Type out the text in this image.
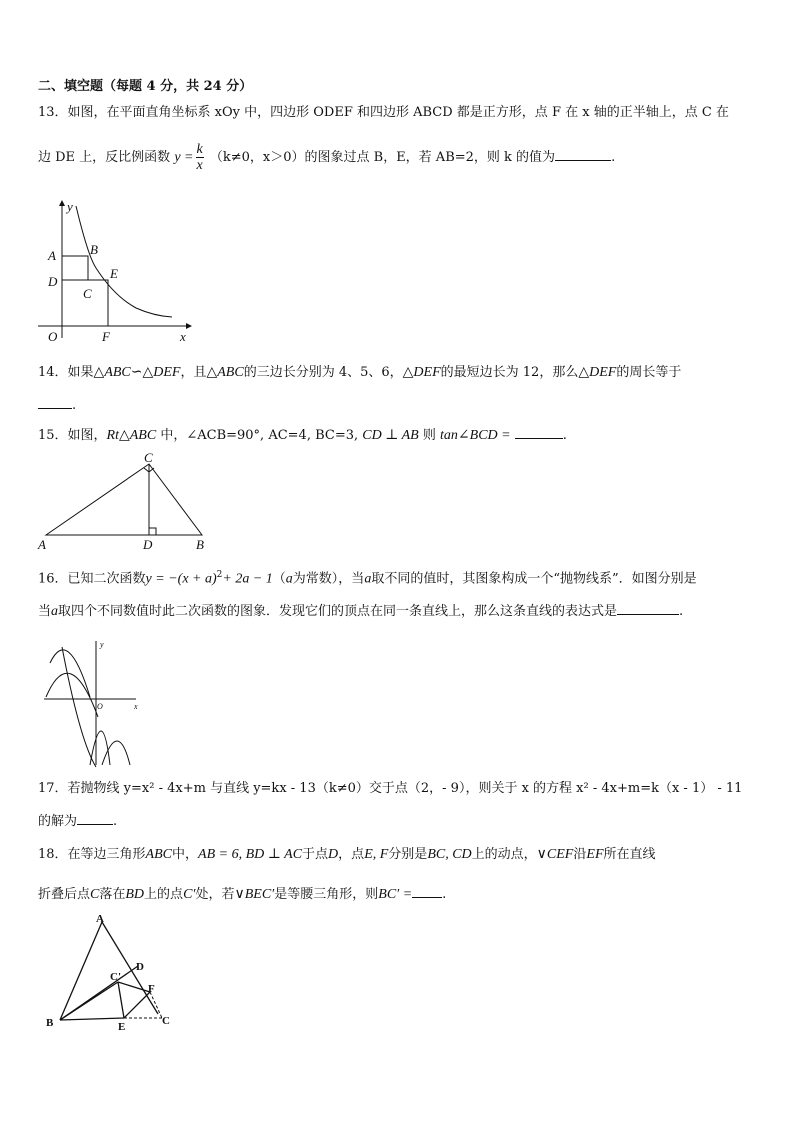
二、填空题（每题 4 分，共 24 分）
13．如图，在平面直角坐标系 xOy 中，四边形 ODEF 和四边形 ABCD 都是正方形，点 F 在 x 轴的正半轴上，点 C 在
边 DE 上，反比例函数 $y = \frac{k}{x} (k\ne 0$，x＞0）的图象过点 B，E，若 AB=2，则 k 的值为	.
y
A	B
D
E
C
O	F	x
14．如果△ABC∽△DEF，且△ABC的三边长分别为 4、5、6，△DEF的最短边长为 12，那么△DEF的周长等于
.
15．如图，Rt△ABC 中，∠ACB=90°, AC=4, BC=3, CD ⊥ AB 则 tan∠BCD =	.
C
A	D	B
16．已知二次函数$y = -(x + a)^2+ 2a - 1(a$为常数），当a取不同的值时，其图象构成一个“抛物线系”．如图分别是
当a取四个不同数值时此二次函数的图象．发现它们的顶点在同一条直线上，那么这条直线的表达式是	.
y
O	x
17．若抛物线 y=x² - 4x+m 与直线 y=kx - 13（k≠0）交于点（2，- 9），则关于 x 的方程 x² - 4x+m=k（x - 1） - 11
的解为	.
18．在等边三角形ABC中，AB = 6, BD ⊥ AC于点D，点E, F分别是BC, CD上的动点，∨CEF沿EF所在直线
折叠后点C落在BD上的点C′处，若∨BEC′是等腰三角形，则BC′ = .
A
D
C'
F
B	E	C
